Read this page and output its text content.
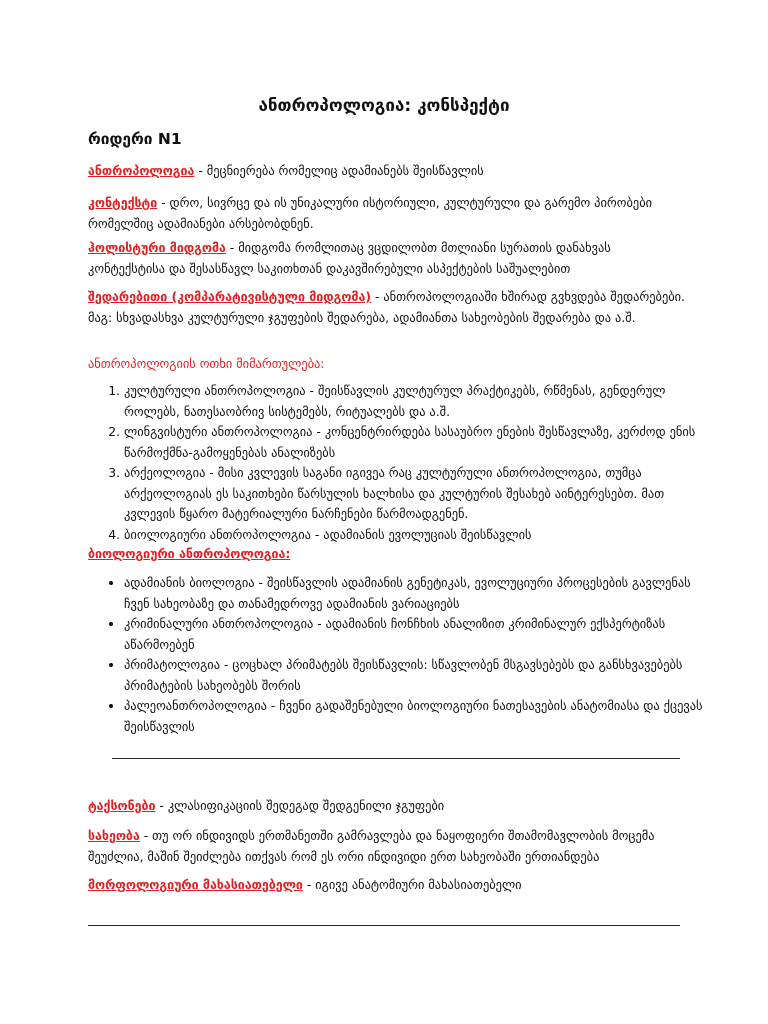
ანთროპოლოგია: კონსპექტი
რიდერი N1
ანთროპოლოგია - მეცნიერება რომელიც ადამიანებს შეისწავლის
კონტექსტი - დრო, სივრცე და ის უნიკალური ისტორიული, კულტურული და გარემო პირობები რომელშიც ადამიანები არსებობდნენ.
ჰოლისტური მიდგომა - მიდგომა რომლითაც ვცდილობთ მთლიანი სურათის დანახვას კონტექსტისა და შესასწავლ საკითხთან დაკავშირებული ასპექტების საშუალებით
შედარებითი (კომპარატივისტული მიდგომა) - ანთროპოლოგიაში ხშირად გვხვდება შედარებები. მაგ: სხვადასხვა კულტურული ჯგუფების შედარება, ადამიანთა სახეობების შედარება და ა.შ.
ანთროპოლოგიის ოთხი მიმართულება:
1. კულტურული ანთროპოლოგია - შეისწავლის კულტურულ პრაქტიკებს, რწმენას, გენდერულ როლებს, ნათესაობრივ სისტემებს, რიტუალებს და ა.შ.
2. ლინგვისტური ანთროპოლოგია - კონცენტრირდება სასაუბრო ენების შესწავლაზე, კერძოდ ენის წარმოქმნა-გამოყენებას ანალიზებს
3. არქეოლოგია - მისი კვლევის საგანი იგივეა რაც კულტურული ანთროპოლოგია, თუმცა არქეოლოგიას ეს საკითხები წარსულის ხალხისა და კულტურის შესახებ აინტერესებთ. მათ კვლევის წყარო მატერიალური ნარჩენები წარმოადგენენ.
4. ბიოლოგიური ანთროპოლოგია - ადამიანის ევოლუციას შეისწავლის
ბიოლოგიური ანთროპოლოგია:
• ადამიანის ბიოლოგია - შეისწავლის ადამიანის გენეტიკას, ევოლუციური პროცესების გავლენას ჩვენ სახეობაზე და თანამედროვე ადამიანის ვარიაციებს
• კრიმინალური ანთროპოლოგია - ადამიანის ჩონჩხის ანალიზით კრიმინალურ ექსპერტიზას აწარმოებენ
• პრიმატოლოგია - ცოცხალ პრიმატებს შეისწავლის: სწავლობენ მსგავსებებს და განსხვავებებს პრიმატების სახეობებს შორის
• პალეოანთროპოლოგია - ჩვენი გადაშენებული ბიოლოგიური ნათესავების ანატომიასა და ქცევას შეისწავლის
ტაქსონები - კლასიფიკაციის შედეგად შედგენილი ჯგუფები
სახეობა - თუ ორ ინდივიდს ერთმანეთში გამრავლება და ნაყოფიერი შთამომავლობის მოცემა შეუძლია, მაშინ შეიძლება ითქვას რომ ეს ორი ინდივიდი ერთ სახეობაში ერთიანდება
მორფოლოგიური მახასიათებელი - იგივე ანატომიური მახასიათებელი
